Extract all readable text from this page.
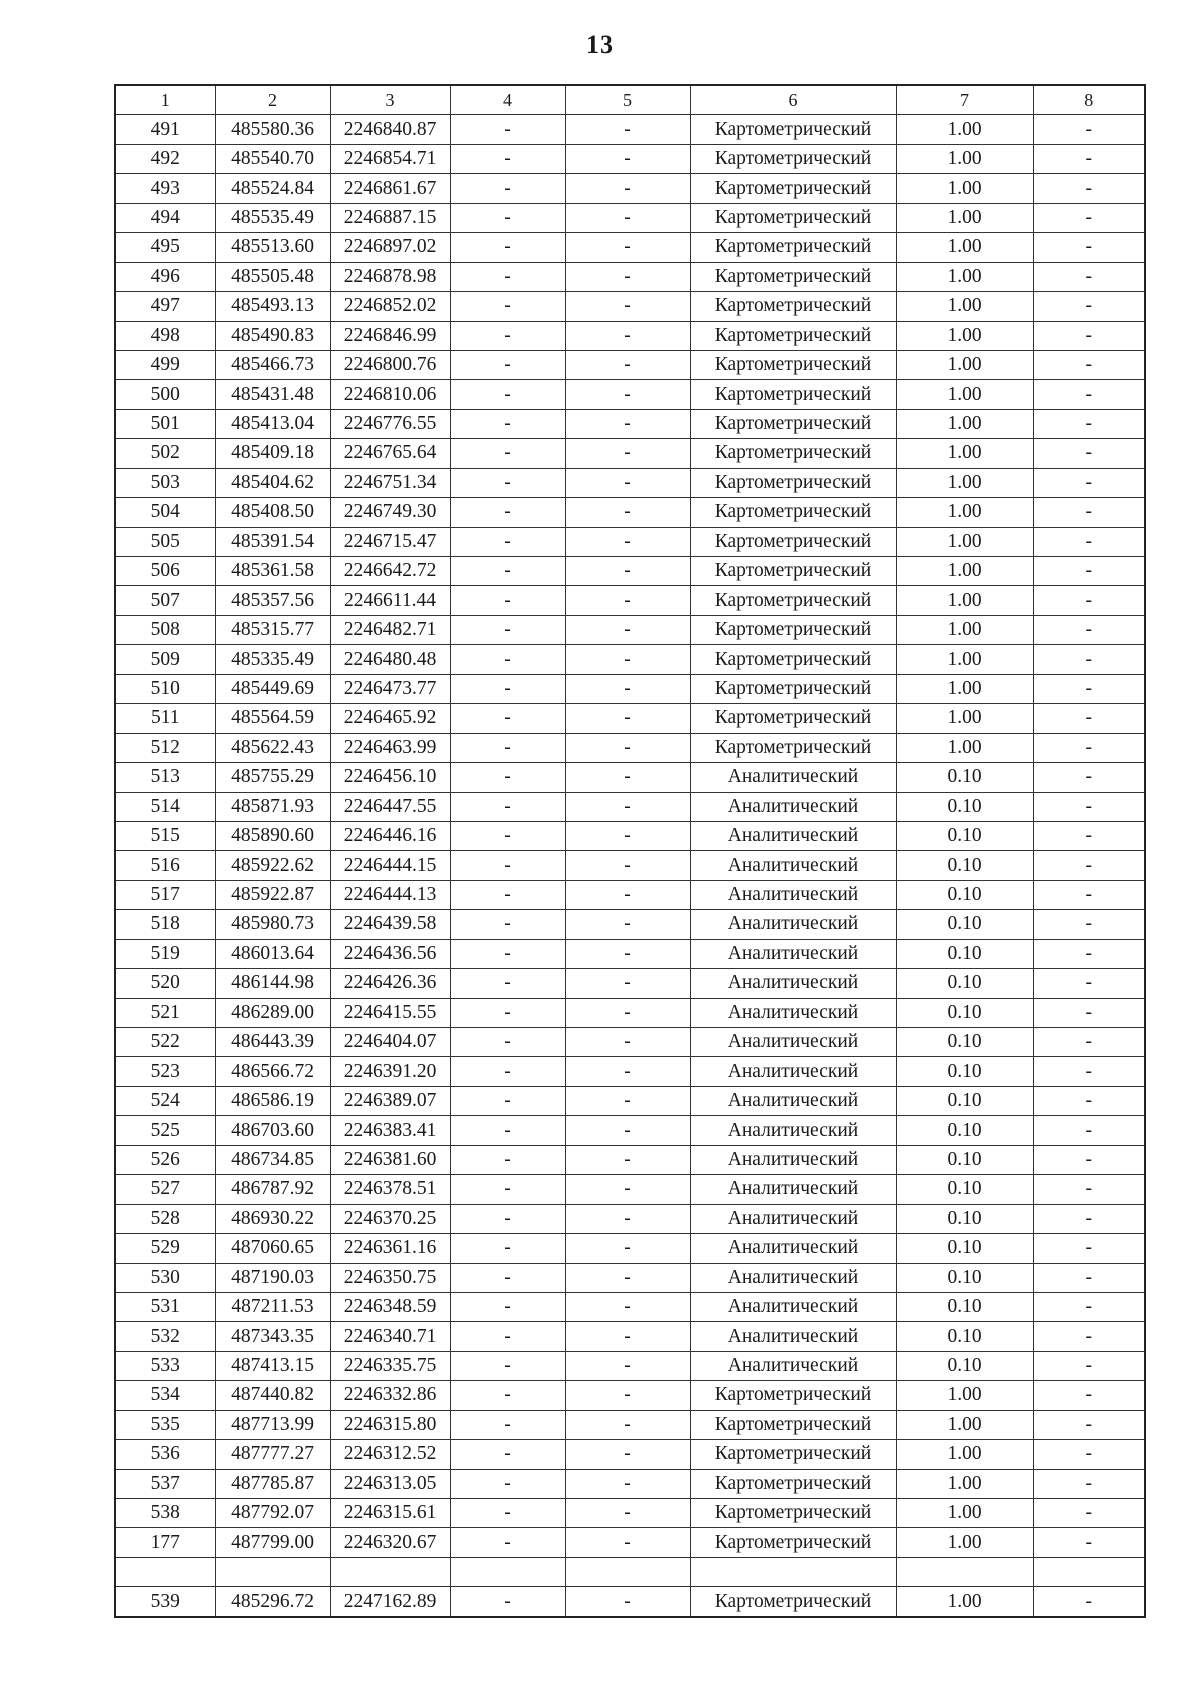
13
1	2	3	4	5	6	7	8
491	485580.36	2246840.87	-	-	Картометрический	1.00	-
492	485540.70	2246854.71	-	-	Картометрический	1.00	-
493	485524.84	2246861.67	-	-	Картометрический	1.00	-
494	485535.49	2246887.15	-	-	Картометрический	1.00	-
495	485513.60	2246897.02	-	-	Картометрический	1.00	-
496	485505.48	2246878.98	-	-	Картометрический	1.00	-
497	485493.13	2246852.02	-	-	Картометрический	1.00	-
498	485490.83	2246846.99	-	-	Картометрический	1.00	-
499	485466.73	2246800.76	-	-	Картометрический	1.00	-
500	485431.48	2246810.06	-	-	Картометрический	1.00	-
501	485413.04	2246776.55	-	-	Картометрический	1.00	-
502	485409.18	2246765.64	-	-	Картометрический	1.00	-
503	485404.62	2246751.34	-	-	Картометрический	1.00	-
504	485408.50	2246749.30	-	-	Картометрический	1.00	-
505	485391.54	2246715.47	-	-	Картометрический	1.00	-
506	485361.58	2246642.72	-	-	Картометрический	1.00	-
507	485357.56	2246611.44	-	-	Картометрический	1.00	-
508	485315.77	2246482.71	-	-	Картометрический	1.00	-
509	485335.49	2246480.48	-	-	Картометрический	1.00	-
510	485449.69	2246473.77	-	-	Картометрический	1.00	-
511	485564.59	2246465.92	-	-	Картометрический	1.00	-
512	485622.43	2246463.99	-	-	Картометрический	1.00	-
513	485755.29	2246456.10	-	-	Аналитический	0.10	-
514	485871.93	2246447.55	-	-	Аналитический	0.10	-
515	485890.60	2246446.16	-	-	Аналитический	0.10	-
516	485922.62	2246444.15	-	-	Аналитический	0.10	-
517	485922.87	2246444.13	-	-	Аналитический	0.10	-
518	485980.73	2246439.58	-	-	Аналитический	0.10	-
519	486013.64	2246436.56	-	-	Аналитический	0.10	-
520	486144.98	2246426.36	-	-	Аналитический	0.10	-
521	486289.00	2246415.55	-	-	Аналитический	0.10	-
522	486443.39	2246404.07	-	-	Аналитический	0.10	-
523	486566.72	2246391.20	-	-	Аналитический	0.10	-
524	486586.19	2246389.07	-	-	Аналитический	0.10	-
525	486703.60	2246383.41	-	-	Аналитический	0.10	-
526	486734.85	2246381.60	-	-	Аналитический	0.10	-
527	486787.92	2246378.51	-	-	Аналитический	0.10	-
528	486930.22	2246370.25	-	-	Аналитический	0.10	-
529	487060.65	2246361.16	-	-	Аналитический	0.10	-
530	487190.03	2246350.75	-	-	Аналитический	0.10	-
531	487211.53	2246348.59	-	-	Аналитический	0.10	-
532	487343.35	2246340.71	-	-	Аналитический	0.10	-
533	487413.15	2246335.75	-	-	Аналитический	0.10	-
534	487440.82	2246332.86	-	-	Картометрический	1.00	-
535	487713.99	2246315.80	-	-	Картометрический	1.00	-
536	487777.27	2246312.52	-	-	Картометрический	1.00	-
537	487785.87	2246313.05	-	-	Картометрический	1.00	-
538	487792.07	2246315.61	-	-	Картометрический	1.00	-
177	487799.00	2246320.67	-	-	Картометрический	1.00	-

539	485296.72	2247162.89	-	-	Картометрический	1.00	-
